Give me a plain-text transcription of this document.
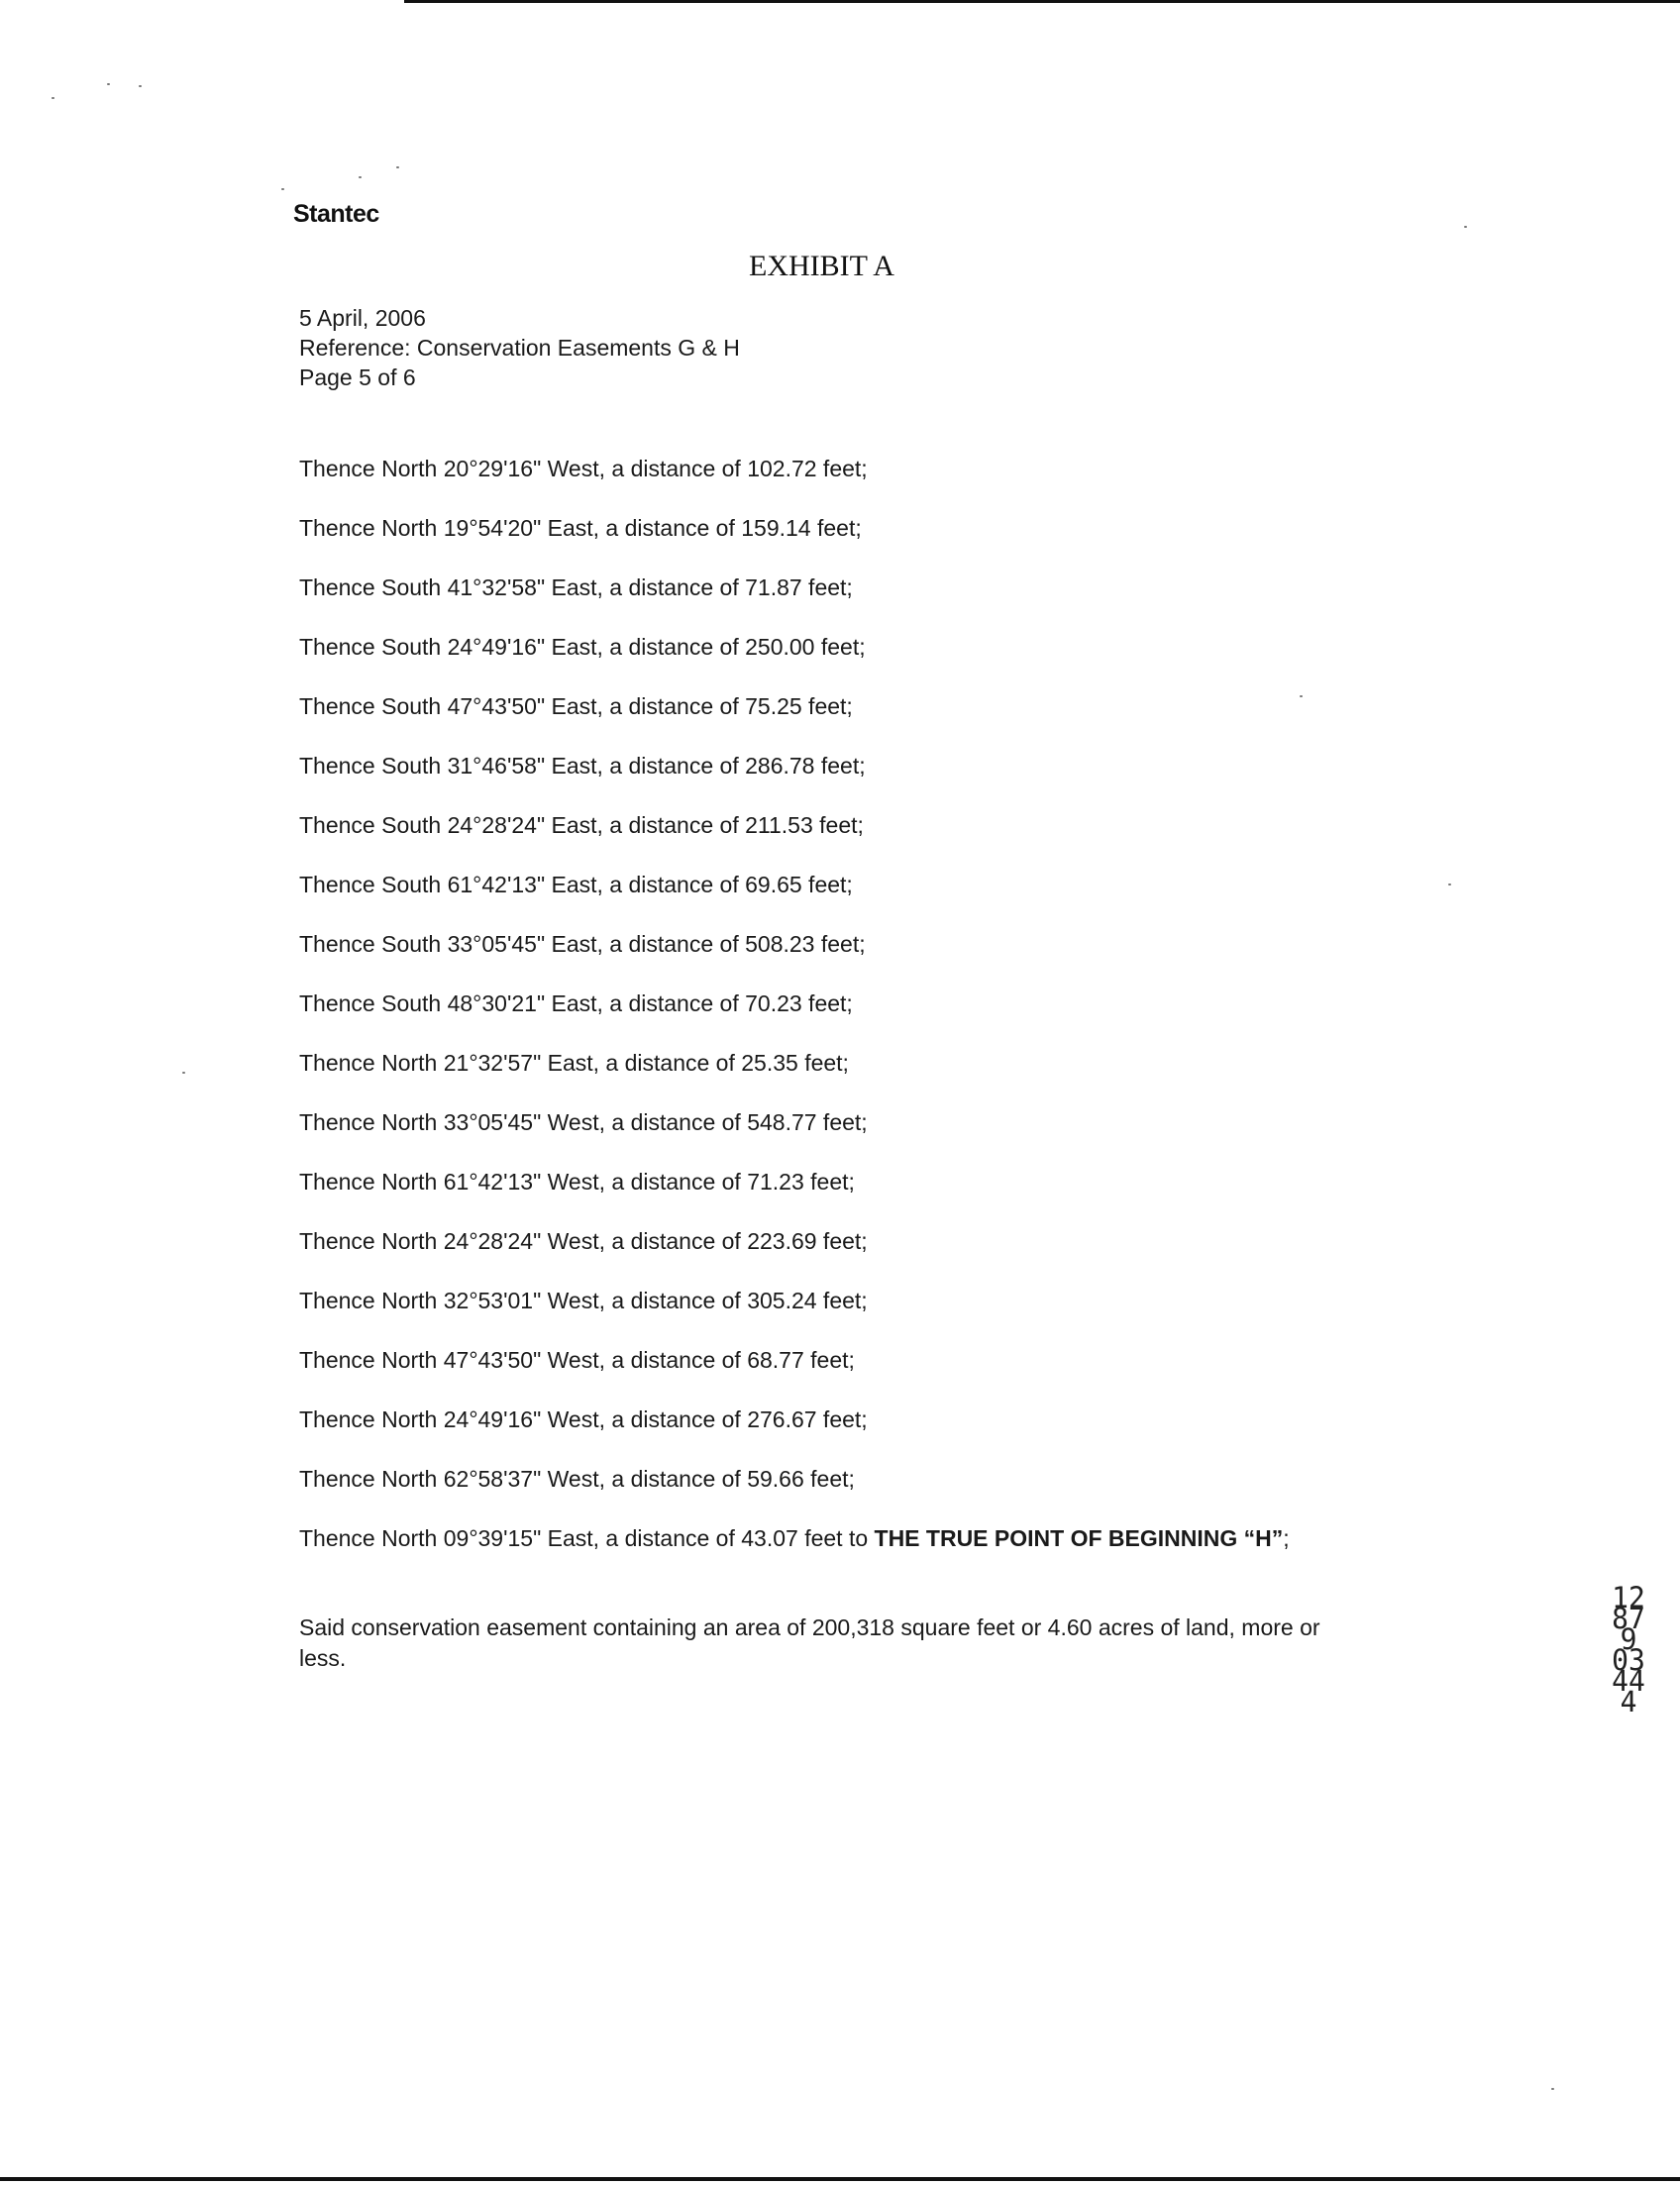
Stantec
EXHIBIT A
5 April, 2006
Reference: Conservation Easements G & H
Page 5 of 6
Thence North 20°29'16" West, a distance of 102.72 feet;
Thence North 19°54'20" East, a distance of 159.14 feet;
Thence South 41°32'58" East, a distance of 71.87 feet;
Thence South 24°49'16" East, a distance of 250.00 feet;
Thence South 47°43'50" East, a distance of 75.25 feet;
Thence South 31°46'58" East, a distance of 286.78 feet;
Thence South 24°28'24" East, a distance of 211.53 feet;
Thence South 61°42'13" East, a distance of 69.65 feet;
Thence South 33°05'45" East, a distance of 508.23 feet;
Thence South 48°30'21" East, a distance of 70.23 feet;
Thence North 21°32'57" East, a distance of 25.35 feet;
Thence North 33°05'45" West, a distance of 548.77 feet;
Thence North 61°42'13" West, a distance of 71.23 feet;
Thence North 24°28'24" West, a distance of 223.69 feet;
Thence North 32°53'01" West, a distance of 305.24 feet;
Thence North 47°43'50" West, a distance of 68.77 feet;
Thence North 24°49'16" West, a distance of 276.67 feet;
Thence North 62°58'37" West, a distance of 59.66 feet;
Thence North 09°39'15" East, a distance of 43.07 feet to THE TRUE POINT OF BEGINNING “H”;
Said conservation easement containing an area of 200,318 square feet or 4.60 acres of land, more or less.
12879 03444
